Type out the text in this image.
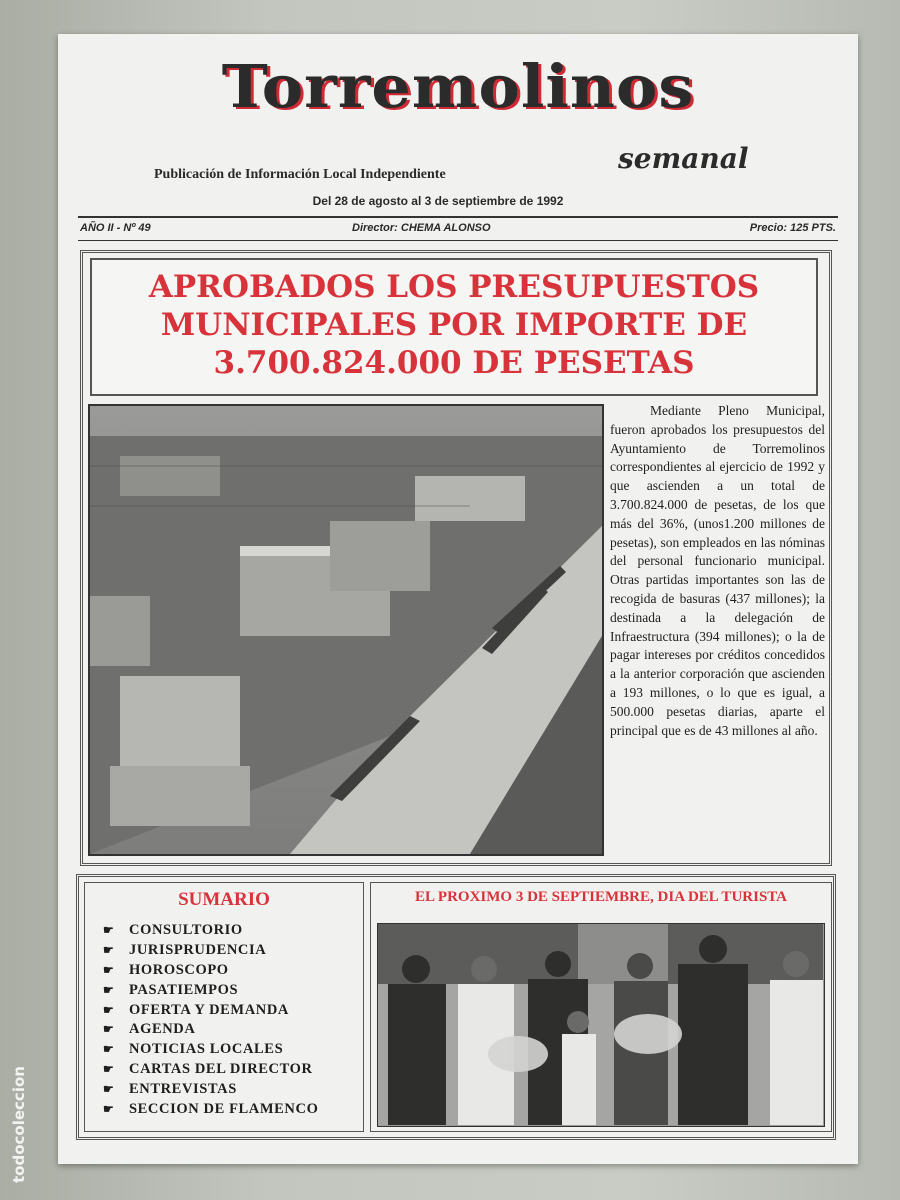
Torremolinos
semanal
Publicación de Información Local Independiente
Del 28 de agosto al 3 de septiembre de 1992
AÑO II - Nº 49	Director: CHEMA ALONSO	Precio: 125 PTS.
APROBADOS LOS PRESUPUESTOS
MUNICIPALES POR IMPORTE DE
3.700.824.000 DE PESETAS
Mediante Pleno Municipal, fueron aprobados los presupuestos del Ayuntamiento de Torremolinos correspondientes al ejercicio de 1992 y que ascienden a un total de 3.700.824.000 de pesetas, de los que más del 36%, (unos1.200 millones de pesetas), son empleados en las nóminas del personal funcionario municipal. Otras partidas importantes son las de recogida de basuras (437 millones); la destinada a la delegación de Infraestructura (394 millones); o la de pagar intereses por créditos concedidos a la anterior corporación que ascienden a 193 millones, o lo que es igual, a 500.000 pesetas diarias, aparte el principal que es de 43 millones al año.
SUMARIO
☛ CONSULTORIO
☛ JURISPRUDENCIA
☛ HOROSCOPO
☛ PASATIEMPOS
☛ OFERTA Y DEMANDA
☛ AGENDA
☛ NOTICIAS LOCALES
☛ CARTAS DEL DIRECTOR
☛ ENTREVISTAS
☛ SECCION DE FLAMENCO
EL PROXIMO 3 DE SEPTIEMBRE, DIA DEL TURISTA
todocoleccion
